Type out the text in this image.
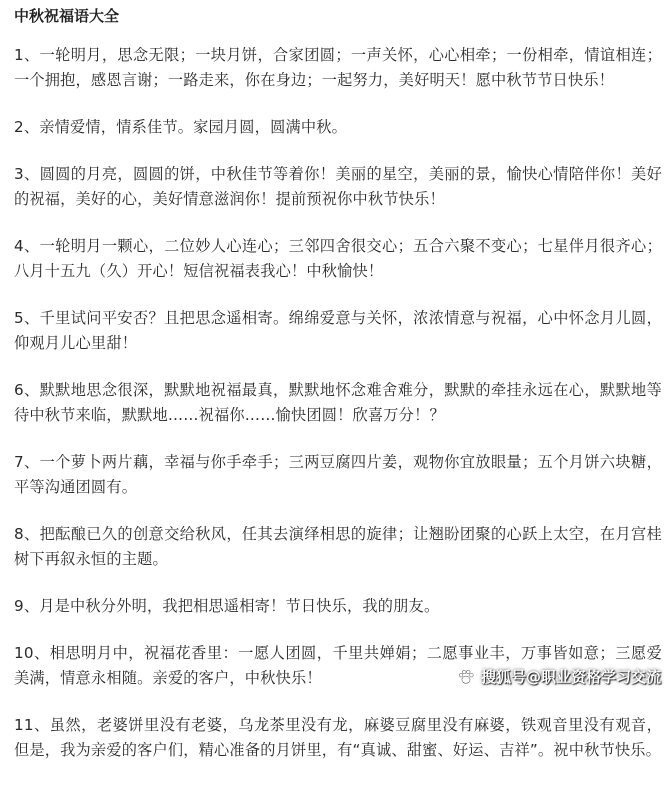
中秋祝福语大全

1、一轮明月，思念无限；一块月饼，合家团圆；一声关怀，心心相牵；一份相牵，情谊相连；一个拥抱，感恩言谢；一路走来，你在身边；一起努力，美好明天！愿中秋节节日快乐！

2、亲情爱情，情系佳节。家园月圆，圆满中秋。

3、圆圆的月亮，圆圆的饼，中秋佳节等着你！美丽的星空，美丽的景，愉快心情陪伴你！美好的祝福，美好的心，美好情意滋润你！提前预祝你中秋节快乐！

4、一轮明月一颗心，二位妙人心连心；三邻四舍很交心；五合六聚不变心；七星伴月很齐心；八月十五九（久）开心！短信祝福表我心！中秋愉快！

5、千里试问平安否？且把思念遥相寄。绵绵爱意与关怀，浓浓情意与祝福，心中怀念月儿圆，仰观月儿心里甜！

6、默默地思念很深，默默地祝福最真，默默地怀念难舍难分，默默的牵挂永远在心，默默地等待中秋节来临，默默地……祝福你……愉快团圆！欣喜万分！？

7、一个萝卜两片藕，幸福与你手牵手；三两豆腐四片姜，观物你宜放眼量；五个月饼六块糖，平等沟通团圆有。

8、把酝酿已久的创意交给秋风，任其去演绎相思的旋律；让翘盼团聚的心跃上太空，在月宫桂树下再叙永恒的主题。

9、月是中秋分外明，我把相思遥相寄！节日快乐，我的朋友。

10、相思明月中，祝福花香里：一愿人团圆，千里共婵娟；二愿事业丰，万事皆如意；三愿爱美满，情意永相随。亲爱的客户，中秋快乐！

11、虽然，老婆饼里没有老婆，乌龙茶里没有龙，麻婆豆腐里没有麻婆，铁观音里没有观音，但是，我为亲爱的客户们，精心准备的月饼里，有“真诚、甜蜜、好运、吉祥”。祝中秋节快乐。

搜狐号@职业资格学习交流
